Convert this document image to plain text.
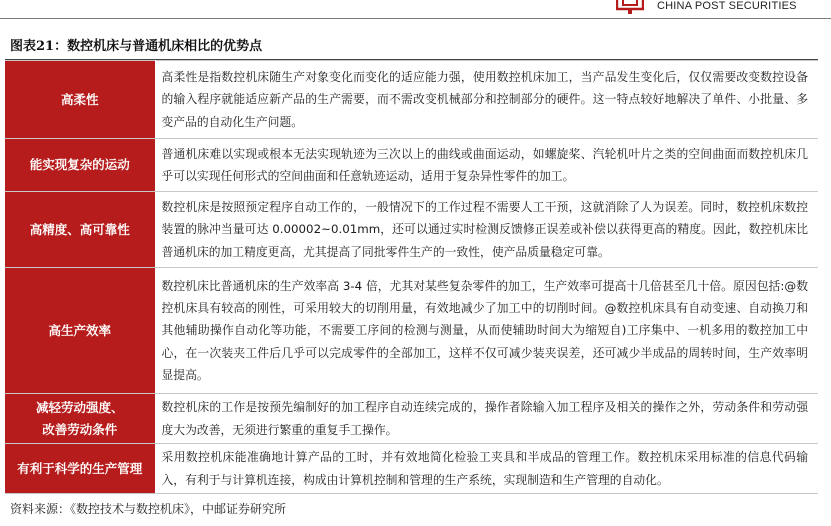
CHINA POST SECURITIES
图表21：数控机床与普通机床相比的优势点
高柔性	高柔性是指数控机床随生产对象变化而变化的适应能力强，使用数控机床加工，当产品发生变化后，仅仅需要改变数控设备的输入程序就能适应新产品的生产需要，而不需改变机械部分和控制部分的硬件。这一特点较好地解决了单件、小批量、多变产品的自动化生产问题。
能实现复杂的运动	普通机床难以实现或根本无法实现轨迹为三次以上的曲线或曲面运动，如螺旋桨、汽轮机叶片之类的空间曲面而数控机床几乎可以实现任何形式的空间曲面和任意轨迹运动，适用于复杂异性零件的加工。
高精度、高可靠性	数控机床是按照预定程序自动工作的，一般情况下的工作过程不需要人工干预，这就消除了人为误差。同时，数控机床数控装置的脉冲当量可达 0.00002~0.01mm，还可以通过实时检测反馈修正误差或补偿以获得更高的精度。因此，数控机床比普通机床的加工精度更高，尤其提高了同批零件生产的一致性，使产品质量稳定可靠。
高生产效率	数控机床比普通机床的生产效率高 3-4 倍，尤其对某些复杂零件的加工，生产效率可提高十几倍甚至几十倍。原因包括:@数控机床具有较高的刚性，可采用较大的切削用量，有效地减少了加工中的切削时间。@数控机床具有自动变速、自动换刀和其他辅助操作自动化等功能，不需要工序间的检测与测量，从而使辅助时间大为缩短自)工序集中、一机多用的数控加工中心，在一次装夹工件后几乎可以完成零件的全部加工，这样不仅可减少装夹误差，还可减少半成品的周转时间，生产效率明显提高。

减轻劳动强度、
改善劳动条件	数控机床的工作是按预先编制好的加工程序自动连续完成的，操作者除输入加工程序及相关的操作之外，劳动条件和劳动强度大为改善，无须进行繁重的重复手工操作。
有利于科学的生产管理	采用数控机床能准确地计算产品的工时，并有效地简化检验工夹具和半成品的管理工作。数控机床采用标准的信息代码输入，有利于与计算机连接，构成由计算机控制和管理的生产系统，实现制造和生产管理的自动化。
资料来源：《数控技术与数控机床》，中邮证券研究所
